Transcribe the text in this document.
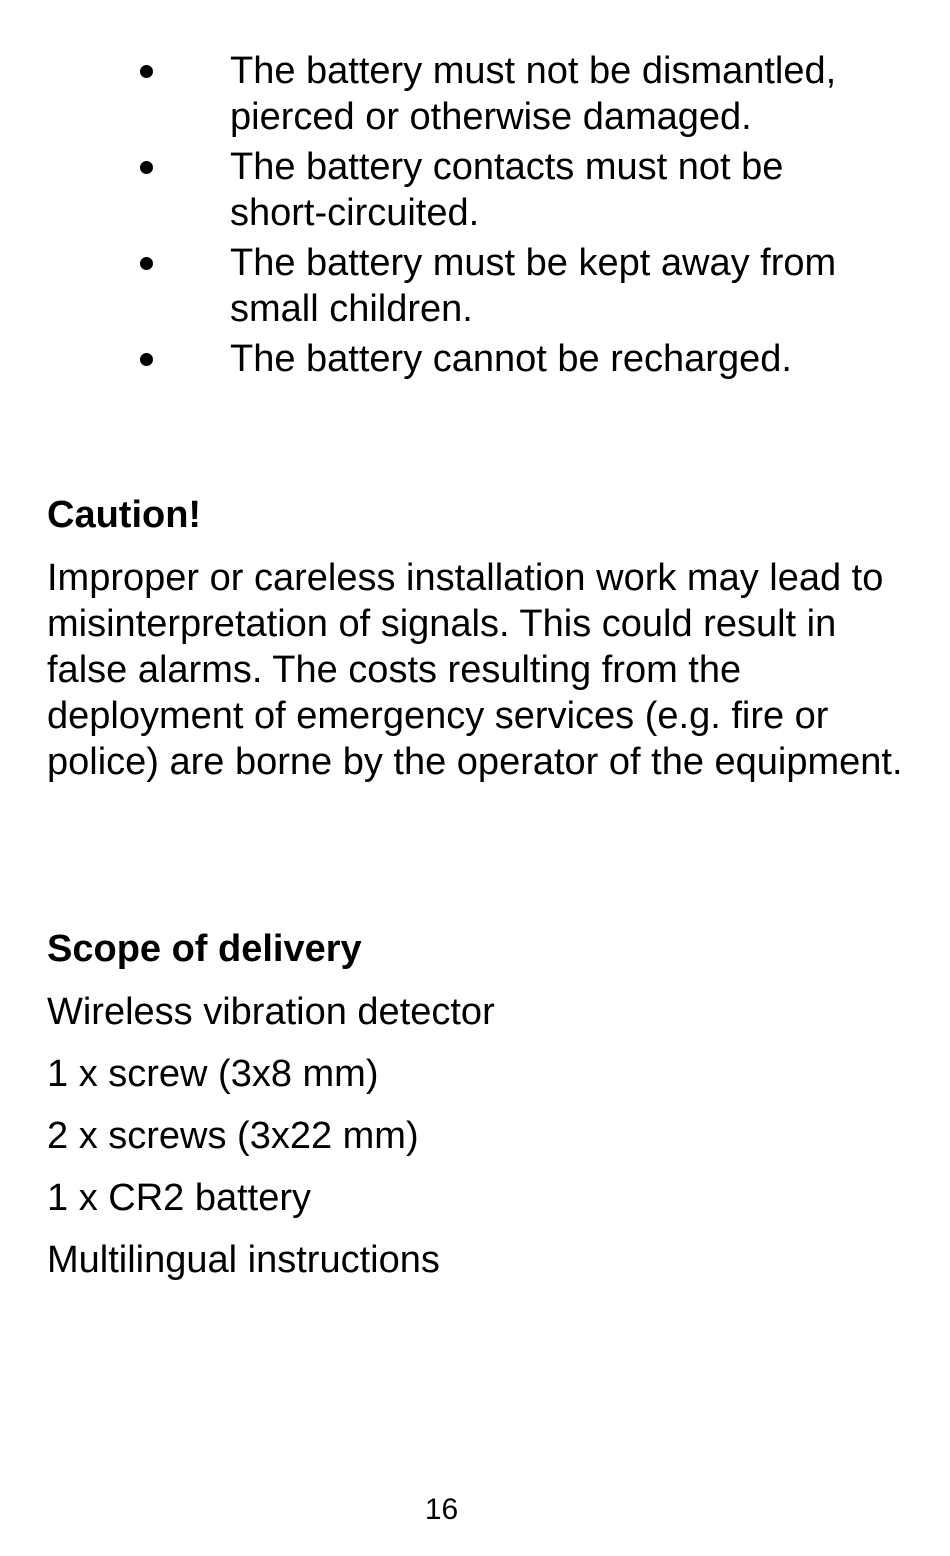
The battery must not be dismantled, pierced or otherwise damaged.
The battery contacts must not be short-circuited.
The battery must be kept away from small children.
The battery cannot be recharged.
Caution!

Improper or careless installation work may lead to misinterpretation of signals. This could result in false alarms. The costs resulting from the deployment of emergency services (e.g. fire or police) are borne by the operator of the equipment.

Scope of delivery
Wireless vibration detector
1 x screw (3x8 mm)
2 x screws (3x22 mm)
1 x CR2 battery
Multilingual instructions
16
